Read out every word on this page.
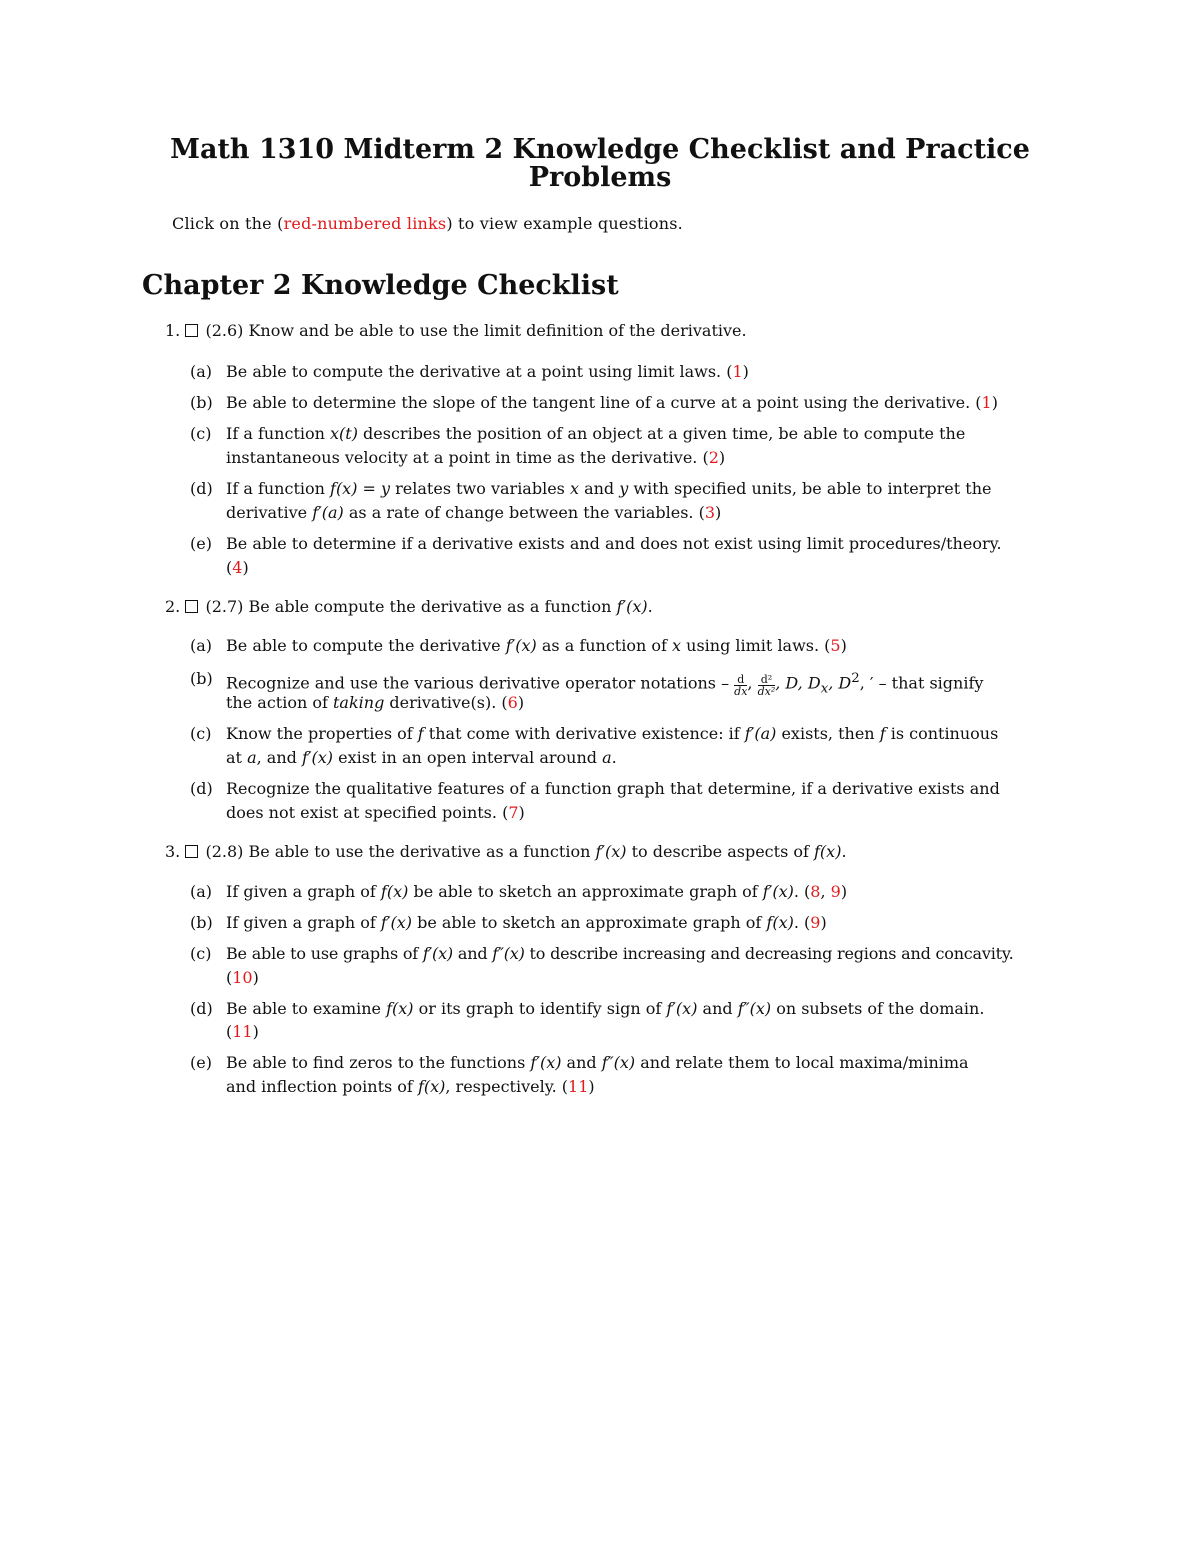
Math 1310 Midterm 2 Knowledge Checklist and Practice
Problems
Click on the (red-numbered links) to view example questions.
Chapter 2 Knowledge Checklist
1. (2.6) Know and be able to use the limit definition of the derivative.
(a) Be able to compute the derivative at a point using limit laws. (1)
(b) Be able to determine the slope of the tangent line of a curve at a point using the derivative. (1)
(c) If a function x(t) describes the position of an object at a given time, be able to compute the
instantaneous velocity at a point in time as the derivative. (2)
(d) If a function f(x) = y relates two variables x and y with specified units, be able to interpret the
derivative f′(a) as a rate of change between the variables. (3)
(e) Be able to determine if a derivative exists and and does not exist using limit procedures/theory.
(4)
2. (2.7) Be able compute the derivative as a function f′(x).
(a) Be able to compute the derivative f′(x) as a function of x using limit laws. (5)
(b) Recognize and use the various derivative operator notations – $\frac{d}{dx}$ , $\frac{\text{d²}}{\text{dx²}}$ , D, $D_x$, $D^2$, ′ – that signify
the action of taking derivative(s). (6)
(c) Know the properties of f that come with derivative existence: if f′(a) exists, then f is continuous
at a, and f′(x) exist in an open interval around a.
(d) Recognize the qualitative features of a function graph that determine, if a derivative exists and
does not exist at specified points. (7)
3. (2.8) Be able to use the derivative as a function f′(x) to describe aspects of f(x).
(a) If given a graph of f(x) be able to sketch an approximate graph of f′(x). (8, 9)
(b) If given a graph of f′(x) be able to sketch an approximate graph of f(x). (9)
(c) Be able to use graphs of f′(x) and f″(x) to describe increasing and decreasing regions and concavity.
(10)
(d) Be able to examine f(x) or its graph to identify sign of f′(x) and f″(x) on subsets of the domain.
(11)
(e) Be able to find zeros to the functions f′(x) and f″(x) and relate them to local maxima/minima
and inflection points of f(x), respectively. (11)
